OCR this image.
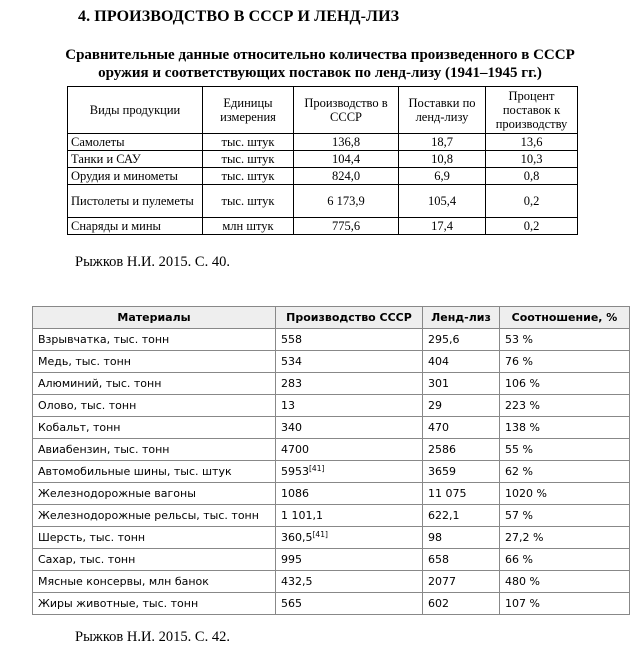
4. ПРОИЗВОДСТВО В СССР И ЛЕНД-ЛИЗ
Сравнительные данные относительно количества произведенного в СССР
оружия и соответствующих поставок по ленд-лизу (1941–1945 гг.)
Виды продукции	Единицы измерения	Производство в СССР	Поставки по ленд-лизу	Процент поставок к производству
Самолеты	тыс. штук	136,8	18,7	13,6
Танки и САУ	тыс. штук	104,4	10,8	10,3
Орудия и минометы	тыс. штук	824,0	6,9	0,8
Пистолеты и пулеметы	тыс. штук	6 173,9	105,4	0,2
Снаряды и мины	млн штук	775,6	17,4	0,2
Рыжков Н.И. 2015. С. 40.
Материалы	Производство СССР	Ленд-лиз	Соотношение, %
Взрывчатка, тыс. тонн	558	295,6	53 %
Медь, тыс. тонн	534	404	76 %
Алюминий, тыс. тонн	283	301	106 %
Олово, тыс. тонн	13	29	223 %
Кобальт, тонн	340	470	138 %
Авиабензин, тыс. тонн	4700	2586	55 %
Автомобильные шины, тыс. штук	5953[41]	3659	62 %
Железнодорожные вагоны	1086	11 075	1020 %
Железнодорожные рельсы, тыс. тонн	1 101,1	622,1	57 %
Шерсть, тыс. тонн	360,5[41]	98	27,2 %
Сахар, тыс. тонн	995	658	66 %
Мясные консервы, млн банок	432,5	2077	480 %
Жиры животные, тыс. тонн	565	602	107 %
Рыжков Н.И. 2015. С. 42.
